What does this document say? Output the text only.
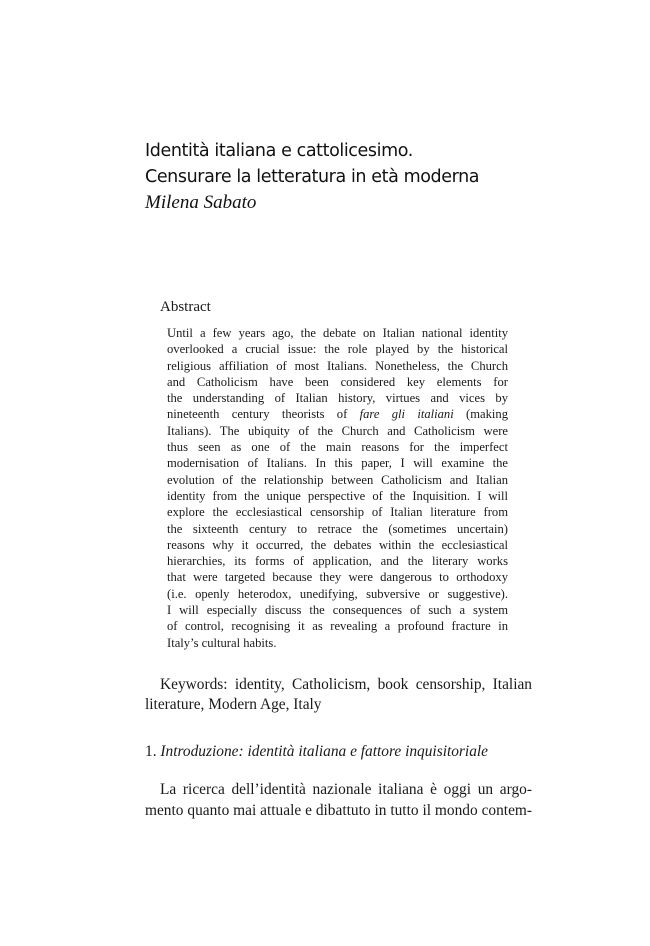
Identità italiana e cattolicesimo.
Censurare la letteratura in età moderna
Milena Sabato
Abstract
Until a few years ago, the debate on Italian national identity
overlooked a crucial issue: the role played by the historical
religious affiliation of most Italians. Nonetheless, the Church
and Catholicism have been considered key elements for
the understanding of Italian history, virtues and vices by
nineteenth century theorists of fare gli italiani (making
Italians). The ubiquity of the Church and Catholicism were
thus seen as one of the main reasons for the imperfect
modernisation of Italians. In this paper, I will examine the
evolution of the relationship between Catholicism and Italian
identity from the unique perspective of the Inquisition. I will
explore the ecclesiastical censorship of Italian literature from
the sixteenth century to retrace the (sometimes uncertain)
reasons why it occurred, the debates within the ecclesiastical
hierarchies, its forms of application, and the literary works
that were targeted because they were dangerous to orthodoxy
(i.e. openly heterodox, unedifying, subversive or suggestive).
I will especially discuss the consequences of such a system
of control, recognising it as revealing a profound fracture in
Italy’s cultural habits.
Keywords: identity, Catholicism, book censorship, Italian
literature, Modern Age, Italy
1. Introduzione: identità italiana e fattore inquisitoriale
La ricerca dell’identità nazionale italiana è oggi un argo-
mento quanto mai attuale e dibattuto in tutto il mondo contem-
